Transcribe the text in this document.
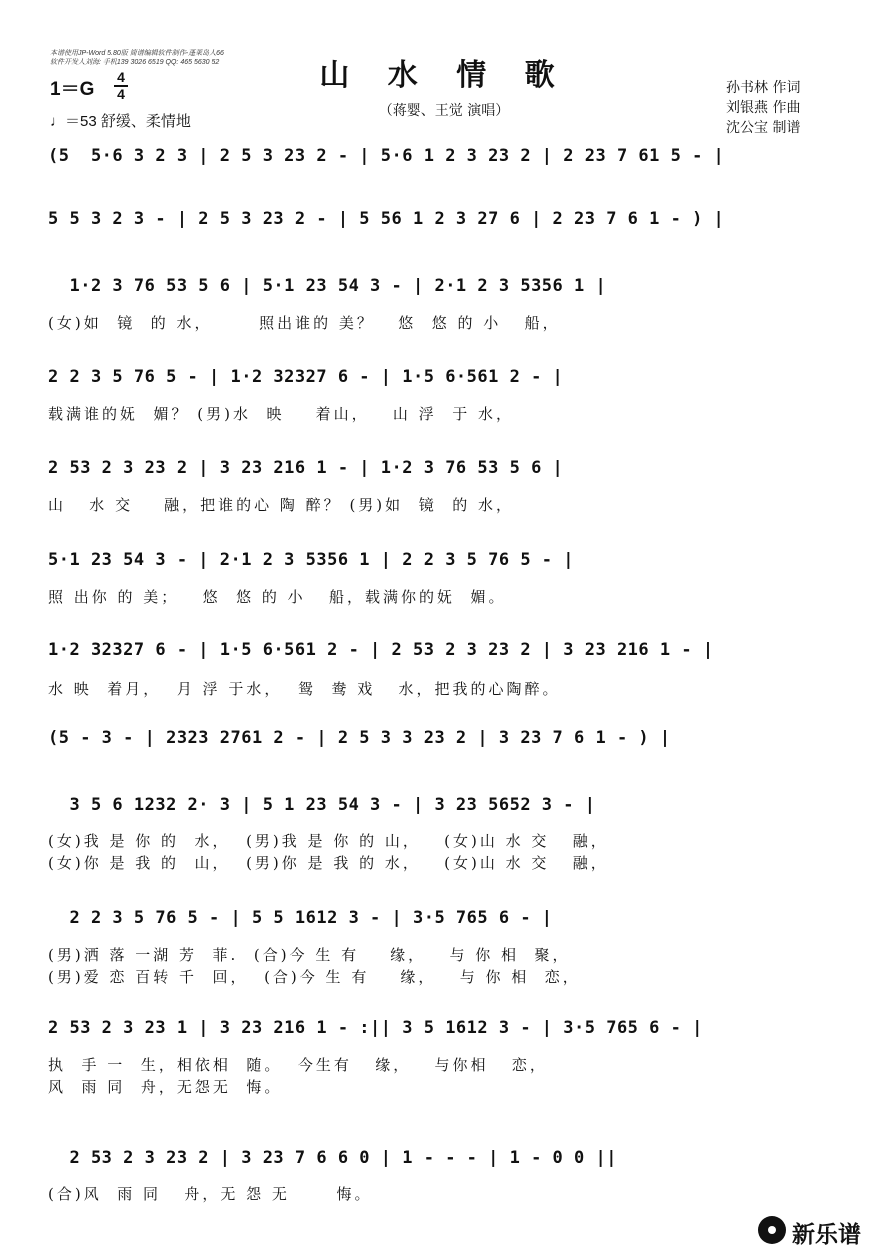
本谱使用JP-Word 5.80版 简谱编辑软件制作-蓬莱岛人66
软件开发人刘海: 手机139 3026 6519 QQ: 465 5630 52	山 水 情 歌
（蒋婴、王觉 演唱）
1＝G
4
4
♩＝53 舒缓、柔情地
孙书林 作词
刘银燕 作曲
沈公宝 制谱
(5  5·6 3 2 3 | 2 5 3 23 2 - | 5·6 1 2 3 23 2 | 2 23 7 61 5 - |
5 5 3 2 3 - | 2 5 3 23 2 - | 5 56 1 2 3 27 6 | 2 23 7 6 1 - ) |
1·2 3 76 53 5 6 | 5·1 23 54 3 - | 2·1 2 3 5356 1 |
(女)如  镜  的 水，      照出谁的 美？   悠  悠 的 小   船，
2 2 3 5 76 5 - | 1·2 32327 6 - | 1·5 6·561 2 - |
载满谁的妩  媚？ (男)水  映    着山，   山 浮  于 水，
2 53 2 3 23 2 | 3 23 216 1 - | 1·2 3 76 53 5 6 |
山   水 交    融，把谁的心 陶 醉？ (男)如  镜  的 水，
5·1 23 54 3 - | 2·1 2 3 5356 1 | 2 2 3 5 76 5 - |
照 出你 的 美；   悠  悠 的 小   船，载满你的妩  媚。
1·2 32327 6 - | 1·5 6·561 2 - | 2 53 2 3 23 2 | 3 23 216 1 - |
水 映  着月，  月 浮 于水，  鸳  鸯 戏   水，把我的心陶醉。
(5 - 3 - | 2323 2761 2 - | 2 5 3 3 23 2 | 3 23 7 6 1 - ) |
3 5 6 1232 2· 3 | 5 1 23 54 3 - | 3 23 5652 3 - |
(女)我 是 你 的  水，  (男)我 是 你 的 山，   (女)山 水 交   融，
(女)你 是 我 的  山，  (男)你 是 我 的 水，   (女)山 水 交   融，
2 2 3 5 76 5 - | 5 5 1612 3 - | 3·5 765 6 - |
(男)洒 落 一湖 芳  菲.  (合)今 生 有    缘，   与 你 相  聚，
(男)爱 恋 百转 千  回，  (合)今 生 有    缘，   与 你 相  恋，
2 53 2 3 23 1 | 3 23 216 1 - :|| 3 5 1612 3 - | 3·5 765 6 - |
执  手 一  生，相依相  随。  今生有   缘，   与你相   恋，
风  雨 同  舟，无怨无  悔。
2 53 2 3 23 2 | 3 23 7 6 6 0 | 1 - - - | 1 - 0 0 ||
(合)风  雨 同   舟，无 怨 无      悔。
新乐谱
